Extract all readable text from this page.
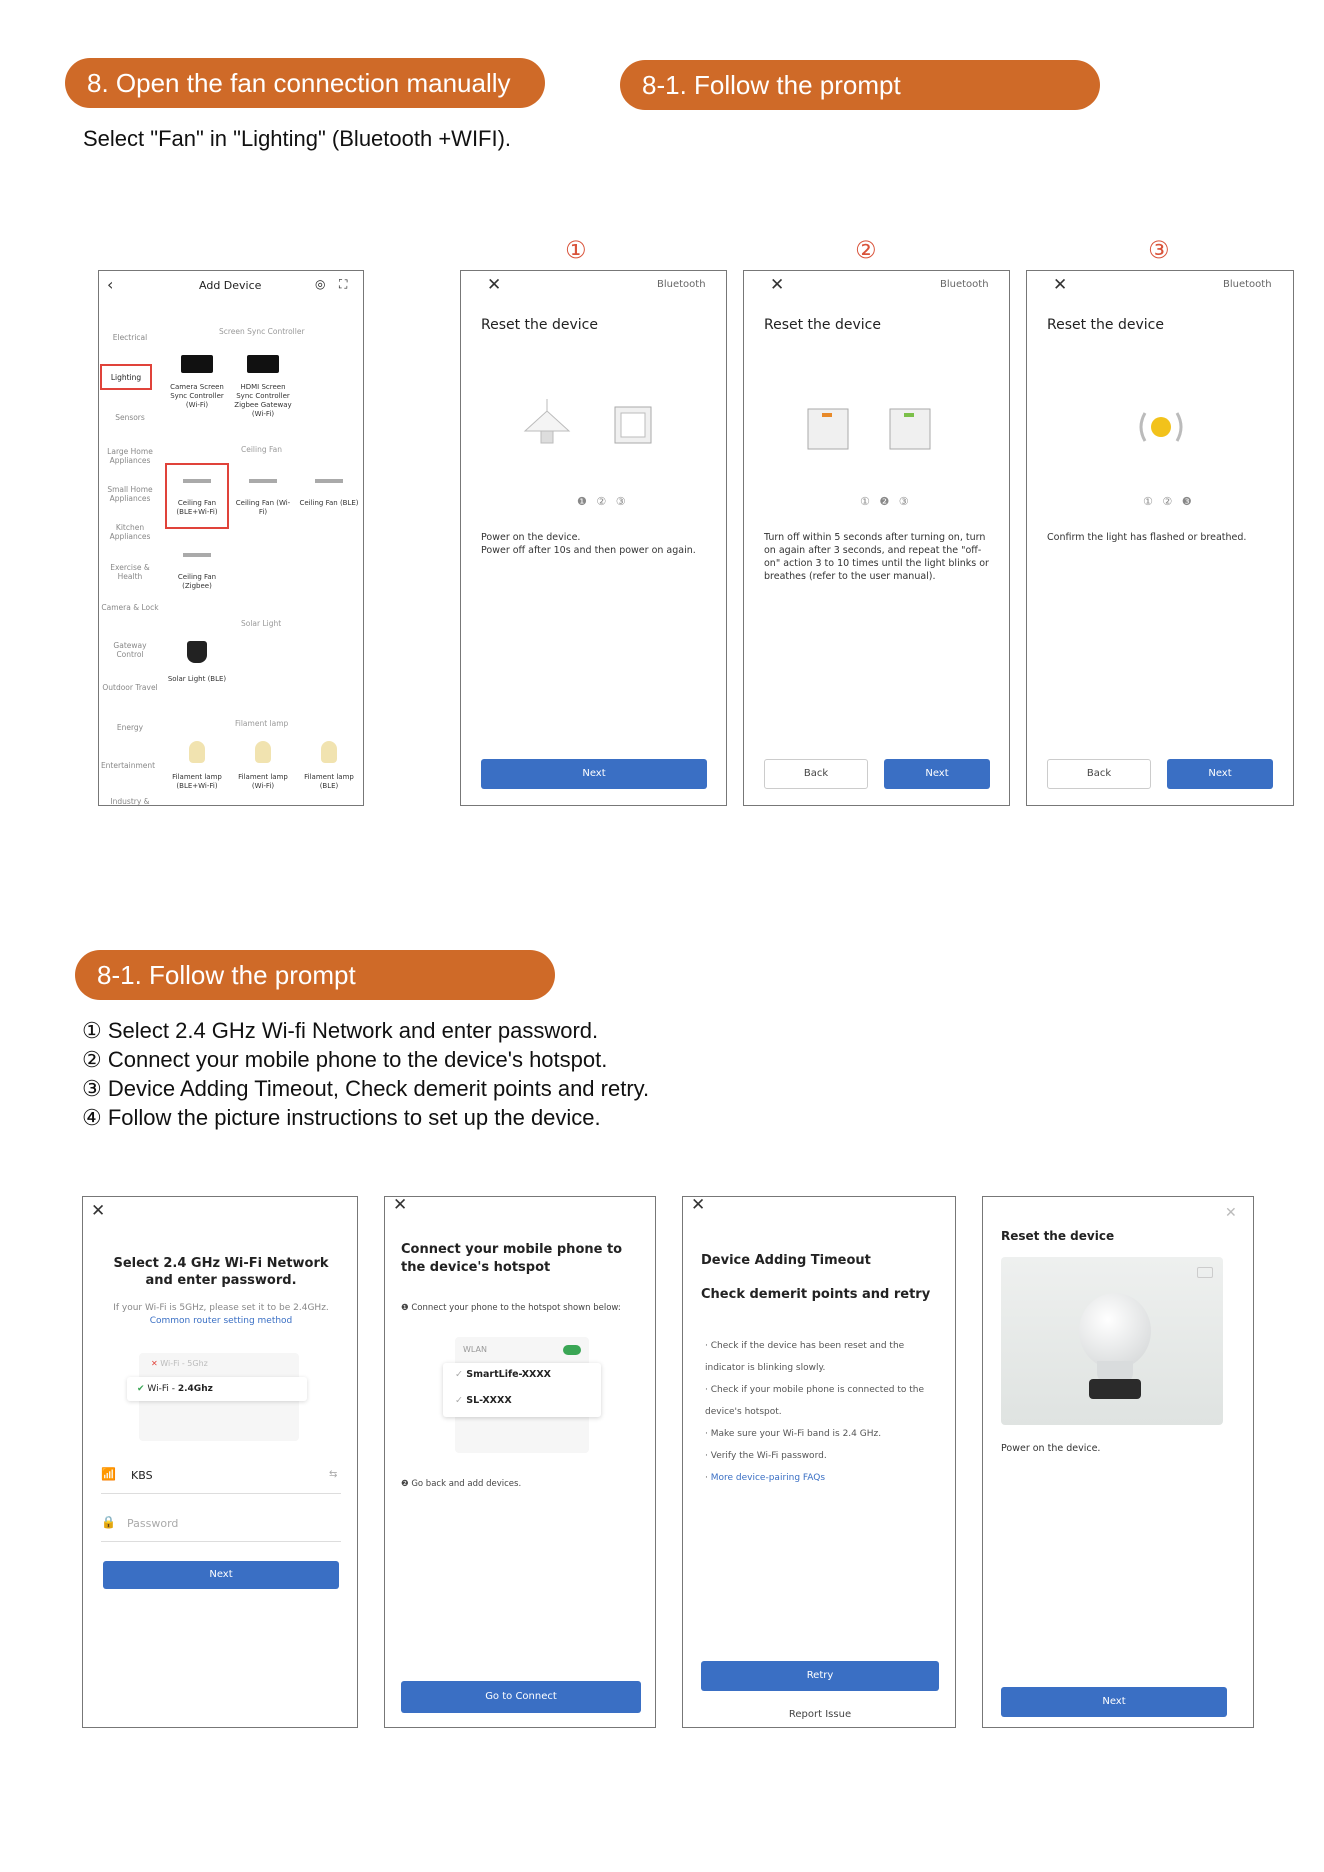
8. Open the fan connection manually	8-1. Follow the prompt
Select "Fan" in "Lighting" (Bluetooth +WIFI).
①	②	③
‹	Add Device	◎ ⛶
Electrical
Lighting
Sensors
Large Home Appliances
Small Home Appliances
Kitchen Appliances
Exercise & Health
Camera & Lock
Gateway Control
Outdoor Travel
Energy
Entertainment
Industry &
Screen Sync Controller
Camera Screen Sync Controller (Wi-Fi)
HDMI Screen Sync Controller Zigbee Gateway (Wi-Fi)
Ceiling Fan
Ceiling Fan (BLE+Wi-Fi)
Ceiling Fan (Wi-Fi)
Ceiling Fan (BLE)
Ceiling Fan (Zigbee)
Solar Light
Solar Light (BLE)
Filament lamp
Filament lamp (BLE+Wi-Fi)
Filament lamp (Wi-Fi)
Filament lamp (BLE)
✕	Bluetooth
Reset the device
❶ ② ③
Power on the device.
Power off after 10s and then power on again.
Next
✕	Bluetooth
Reset the device
① ❷ ③
Turn off within 5 seconds after turning on, turn on again after 3 seconds, and repeat the "off-on" action 3 to 10 times until the light blinks or breathes (refer to the user manual).
Back	Next
✕	Bluetooth
Reset the device
① ② ❸
Confirm the light has flashed or breathed.
Back	Next
8-1. Follow the prompt
① Select 2.4 GHz Wi-fi Network and enter password.
② Connect your mobile phone to the device's hotspot.
③ Device Adding Timeout, Check demerit points and retry.
④ Follow the picture instructions to set up the device.
✕
Select 2.4 GHz Wi-Fi Network and enter password.
If your Wi-Fi is 5GHz, please set it to be 2.4GHz.
Common router setting method
✕ Wi-Fi - 5Ghz
✔ Wi-Fi - 2.4Ghz
📶 KBS	⇆
🔒 Password
Next
✕
Connect your mobile phone to the device's hotspot
❶ Connect your phone to the hotspot shown below:
WLAN
✓ SmartLife-XXXX
✓ SL-XXXX
❷ Go back and add devices.
Go to Connect
✕
Device Adding Timeout
Check demerit points and retry
· Check if the device has been reset and the indicator is blinking slowly.
· Check if your mobile phone is connected to the device's hotspot.
· Make sure your Wi-Fi band is 2.4 GHz.
· Verify the Wi-Fi password.
· More device-pairing FAQs
Retry
Report Issue
✕
Reset the device
Power on the device.
Next
